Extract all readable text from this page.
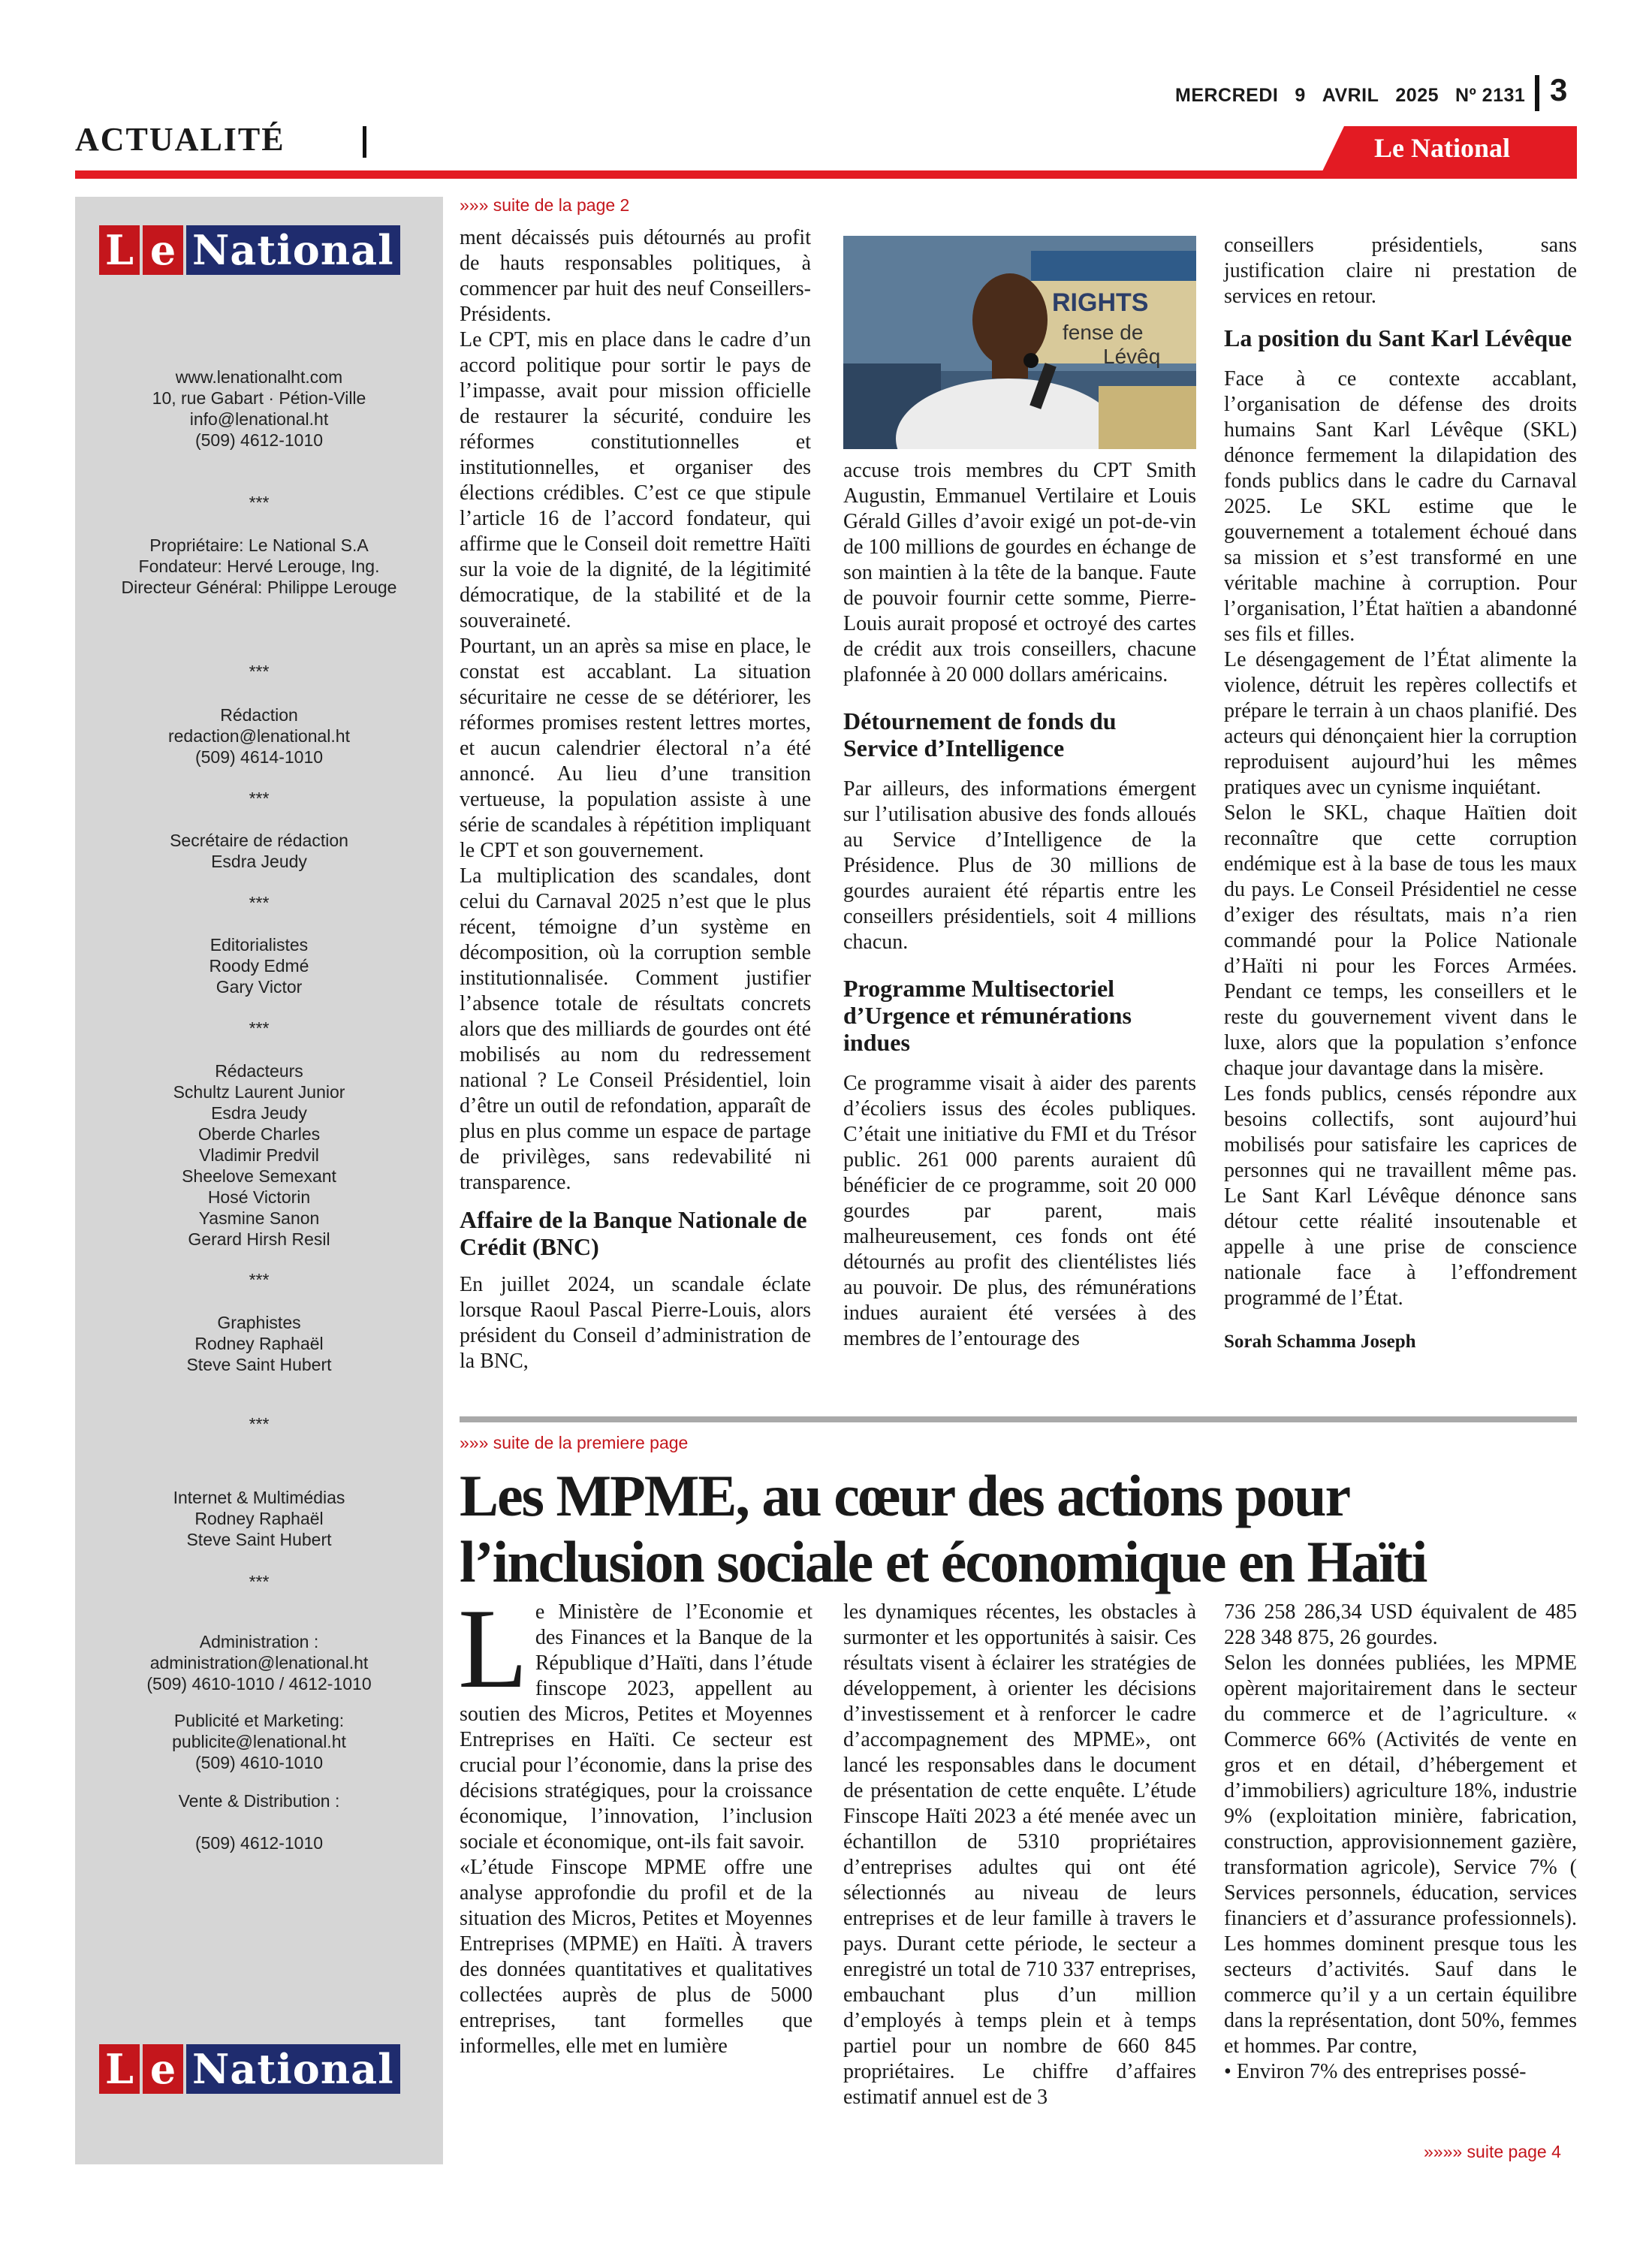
MERCREDI 9 AVRIL 2025 Nº 2131 3
ACTUALITÉ	Le National
L e National
www.lenationalht.com
10, rue Gabart · Pétion-Ville
info@lenational.ht
(509) 4612-1010
***
Propriétaire: Le National S.A
Fondateur: Hervé Lerouge, Ing.
Directeur Général: Philippe Lerouge
***
Rédaction
redaction@lenational.ht
(509) 4614-1010
***
Secrétaire de rédaction
Esdra Jeudy
***
Editorialistes
Roody Edmé
Gary Victor
***
Rédacteurs
Schultz Laurent Junior
Esdra Jeudy
Oberde Charles
Vladimir Predvil
Sheelove Semexant
Hosé Victorin
Yasmine Sanon
Gerard Hirsh Resil
***
Graphistes
Rodney Raphaël
Steve Saint Hubert
***
Internet & Multimédias
Rodney Raphaël
Steve Saint Hubert
***
Administration :
administration@lenational.ht
(509) 4610-1010 / 4612-1010
Publicité et Marketing:
publicite@lenational.ht
(509) 4610-1010
Vente & Distribution :
(509) 4612-1010
L e National
»»» suite de la page 2

ment décaissés puis détournés au profit de hauts responsables politiques, à commencer par huit des neuf Conseillers-Présidents.

Le CPT, mis en place dans le cadre d’un accord politique pour sortir le pays de l’impasse, avait pour mission officielle de restaurer la sécurité, conduire les réformes constitutionnelles et institutionnelles, et organiser des élections crédibles. C’est ce que stipule l’article 16 de l’accord fondateur, qui affirme que le Conseil doit remettre Haïti sur la voie de la dignité, de la légitimité démocratique, de la stabilité et de la souveraineté.

Pourtant, un an après sa mise en place, le constat est accablant. La situation sécuritaire ne cesse de se détériorer, les réformes promises restent lettres mortes, et aucun calendrier électoral n’a été annoncé. Au lieu d’une transition vertueuse, la population assiste à une série de scandales à répétition impliquant le CPT et son gouvernement.

La multiplication des scandales, dont celui du Carnaval 2025 n’est que le plus récent, témoigne d’un système en décomposition, où la corruption semble institutionnalisée. Comment justifier l’absence totale de résultats concrets alors que des milliards de gourdes ont été mobilisés au nom du redressement national ? Le Conseil Présidentiel, loin d’être un outil de refondation, apparaît de plus en plus comme un espace de partage de privilèges, sans redevabilité ni transparence.

Affaire de la Banque Nationale de Crédit (BNC)

En juillet 2024, un scandale éclate lorsque Raoul Pascal Pierre-Louis, alors président du Conseil d’administration de la BNC,

RIGHTS
fense de
Lévêq

accuse trois membres du CPT Smith Augustin, Emmanuel Vertilaire et Louis Gérald Gilles d’avoir exigé un pot-de-vin de 100 millions de gourdes en échange de son maintien à la tête de la banque. Faute de pouvoir fournir cette somme, Pierre-Louis aurait proposé et octroyé des cartes de crédit aux trois conseillers, chacune plafonnée à 20 000 dollars américains.

Détournement de fonds du Service d’Intelligence

Par ailleurs, des informations émergent sur l’utilisation abusive des fonds alloués au Service d’Intelligence de la Présidence. Plus de 30 millions de gourdes auraient été répartis entre les conseillers présidentiels, soit 4 millions chacun.

Programme Multisectoriel d’Urgence et rémunérations indues

Ce programme visait à aider des parents d’écoliers issus des écoles publiques. C’était une initiative du FMI et du Trésor public. 261 000 parents auraient dû bénéficier de ce programme, soit 20 000 gourdes par parent, mais malheureusement, ces fonds ont été détournés au profit des clientélistes liés au pouvoir. De plus, des rémunérations indues auraient été versées à des membres de l’entourage des

conseillers présidentiels, sans justification claire ni prestation de services en retour.

La position du Sant Karl Lévêque

Face à ce contexte accablant, l’organisation de défense des droits humains Sant Karl Lévêque (SKL) dénonce fermement la dilapidation des fonds publics dans le cadre du Carnaval 2025. Le SKL estime que le gouvernement a totalement échoué dans sa mission et s’est transformé en une véritable machine à corruption. Pour l’organisation, l’État haïtien a abandonné ses fils et filles.

Le désengagement de l’État alimente la violence, détruit les repères collectifs et prépare le terrain à un chaos planifié. Des acteurs qui dénonçaient hier la corruption reproduisent aujourd’hui les mêmes pratiques avec un cynisme inquiétant.

Selon le SKL, chaque Haïtien doit reconnaître que cette corruption endémique est à la base de tous les maux du pays. Le Conseil Présidentiel ne cesse d’exiger des résultats, mais n’a rien commandé pour la Police Nationale d’Haïti ni pour les Forces Armées. Pendant ce temps, les conseillers et le reste du gouvernement vivent dans le luxe, alors que la population s’enfonce chaque jour davantage dans la misère.

Les fonds publics, censés répondre aux besoins collectifs, sont aujourd’hui mobilisés pour satisfaire les caprices de personnes qui ne travaillent même pas. Le Sant Karl Lévêque dénonce sans détour cette réalité insoutenable et appelle à une prise de conscience nationale face à l’effondrement programmé de l’État.

Sorah Schamma Joseph

»»» suite de la premiere page
Les MPME, au cœur des actions pour
l’inclusion sociale et économique en Haïti

Le Ministère de l’Economie et des Finances et la Banque de la République d’Haïti, dans l’étude finscope 2023, appellent au soutien des Micros, Petites et Moyennes Entreprises en Haïti. Ce secteur est crucial pour l’économie, dans la prise des décisions stratégiques, pour la croissance économique, l’innovation, l’inclusion sociale et économique, ont-ils fait savoir.

«L’étude Finscope MPME offre une analyse approfondie du profil et de la situation des Micros, Petites et Moyennes Entreprises (MPME) en Haïti. À travers des données quantitatives et qualitatives collectées auprès de plus de 5000 entreprises, tant formelles que informelles, elle met en lumière

les dynamiques récentes, les obstacles à surmonter et les opportunités à saisir. Ces résultats visent à éclairer les stratégies de développement, à orienter les décisions d’investissement et à renforcer le cadre d’accompagnement des MPME», ont lancé les responsables dans le document de présentation de cette enquête. L’étude Finscope Haïti 2023 a été menée avec un échantillon de 5310 propriétaires d’entreprises adultes qui ont été sélectionnés au niveau de leurs entreprises et de leur famille à travers le pays. Durant cette période, le secteur a enregistré un total de 710 337 entreprises, embauchant plus d’un million d’employés à temps plein et à temps partiel pour un nombre de 660 845 propriétaires. Le chiffre d’affaires estimatif annuel est de 3

736 258 286,34 USD équivalent de 485 228 348 875, 26 gourdes.

Selon les données publiées, les MPME opèrent majoritairement dans le secteur du commerce et de l’agriculture. « Commerce 66% (Activités de vente en gros et en détail, d’hébergement et d’immobiliers) agriculture 18%, industrie 9% (exploitation minière, fabrication, construction, approvisionnement gazière, transformation agricole), Service 7% ( Services personnels, éducation, services financiers et d’assurance professionnels). Les hommes dominent presque tous les secteurs d’activités. Sauf dans le commerce qu’il y a un certain équilibre dans la représentation, dont 50%, femmes et hommes. Par contre,

• Environ 7% des entreprises possé-

»»»» suite page 4
